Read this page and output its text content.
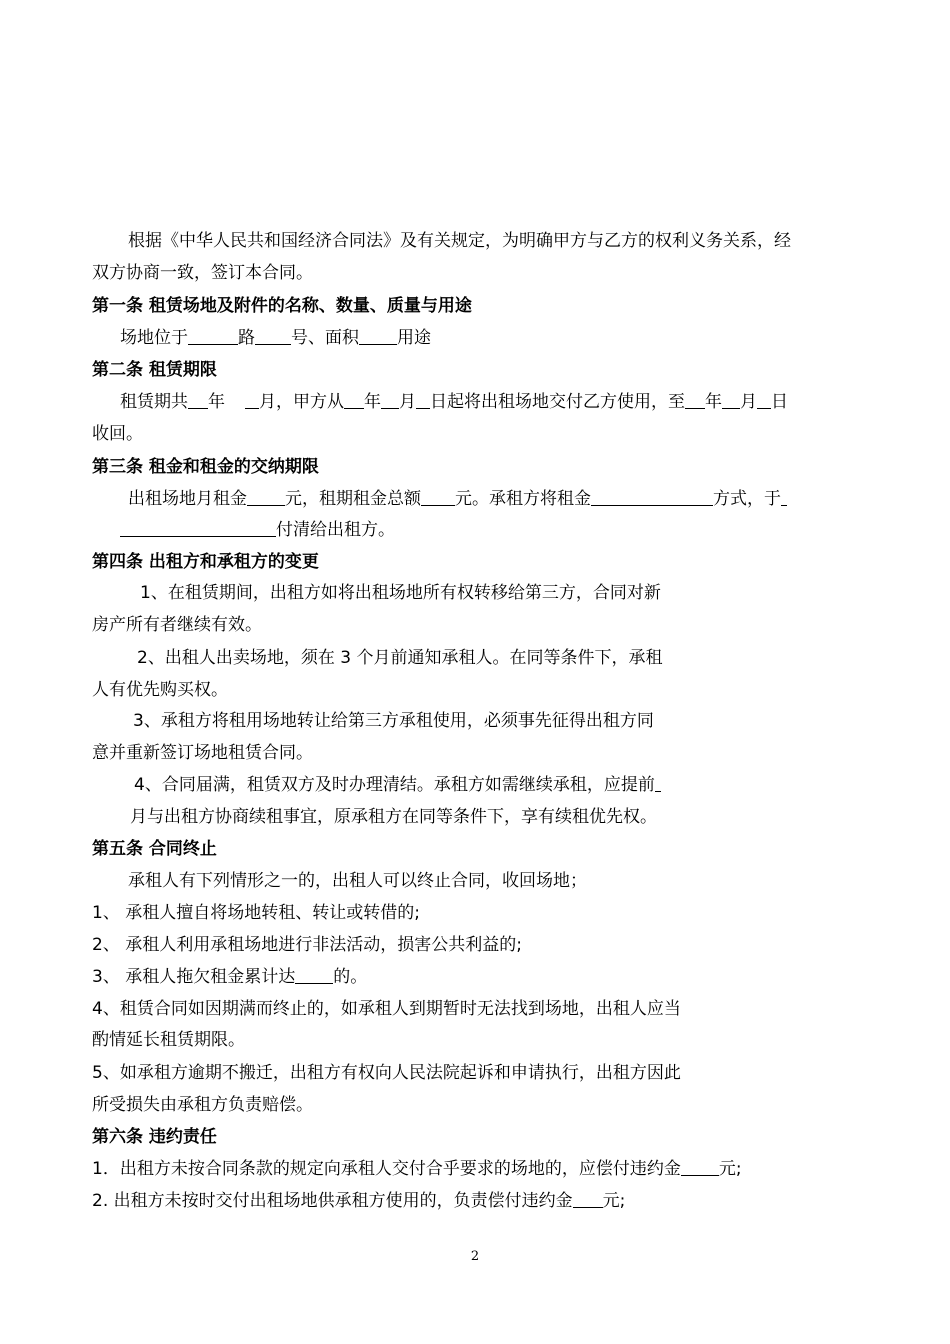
根据《中华人民共和国经济合同法》及有关规定，为明确甲方与乙方的权利义务关系，经
双方协商一致，签订本合同。
第一条 租赁场地及附件的名称、数量、质量与用途
场地位于	路 号、面积 用途
第二条 租赁期限
租赁期共 年 月，甲方从 年 月 日起将出租场地交付乙方使用，至 年 月 日
收回。
第三条 租金和租金的交纳期限
出租场地月租金 元，租期租金总额 元。承租方将租金	方式，于
付清给出租方。
第四条 出租方和承租方的变更
1、在租赁期间，出租方如将出租场地所有权转移给第三方，合同对新
房产所有者继续有效。
2、出租人出卖场地，须在 3 个月前通知承租人。在同等条件下，承租
人有优先购买权。
3、承租方将租用场地转让给第三方承租使用，必须事先征得出租方同
意并重新签订场地租赁合同。
4、合同届满，租赁双方及时办理清结。承租方如需继续承租，应提前
月与出租方协商续租事宜，原承租方在同等条件下，享有续租优先权。
第五条 合同终止
承租人有下列情形之一的，出租人可以终止合同，收回场地；
1、 承租人擅自将场地转租、转让或转借的;
2、 承租人利用承租场地进行非法活动，损害公共利益的;
3、 承租人拖欠租金累计达 的。
4、租赁合同如因期满而终止的，如承租人到期暂时无法找到场地，出租人应当
酌情延长租赁期限。
5、如承租方逾期不搬迁，出租方有权向人民法院起诉和申请执行，出租方因此
所受损失由承租方负责赔偿。
第六条 违约责任
1．出租方未按合同条款的规定向承租人交付合乎要求的场地的，应偿付违约金 元;
2. 出租方未按时交付出租场地供承租方使用的，负责偿付违约金 元;
2
